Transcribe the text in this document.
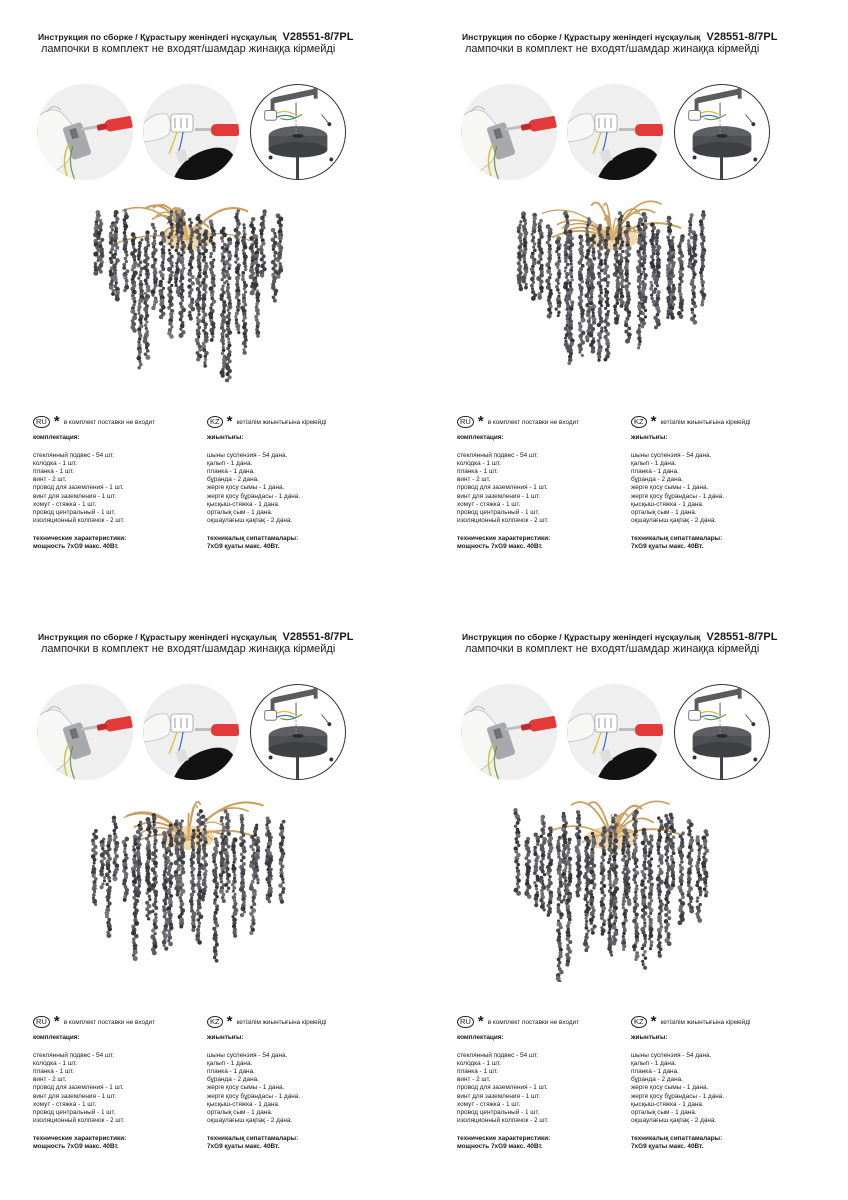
Инструкция по сборке / Құрастыру женіндегі нұсқаулық V28551-8/7PL
лампочки в комплект не входят/шамдар жинаққа кірмейді
RU * в комплект поставки не входит	KZ * кетізілім жиынтығына кірмейді
комплектация:
стеклянный подвес - 54 шт.
колодка - 1 шт.
планка - 1 шт.
винт - 2 шт.
провод для заземления - 1 шт.
винт для заземления - 1 шт.
хомут - стяжка - 1 шт.
провод центральный - 1 шт.
изоляционный колпачок - 2 шт.
технические характеристики:
мощность 7хG9 макс. 40Вт.
жиынтығы:
шыны суспензия - 54 дана.
қалып - 1 дана.
планка - 1 дана.
бұранда - 2 дана.
жерге қосу сымы - 1 дана.
жерге қосу бұрандасы - 1 дана.
қысқыш-стяжка - 1 дана.
орталық сым - 1 дана.
оқшаулағыш қақпақ - 2 дана.
техникалық сипаттамалары:
7хG9 қуаты макс. 40Вт.
Инструкция по сборке / Құрастыру женіндегі нұсқаулық V28551-8/7PL
лампочки в комплект не входят/шамдар жинаққа кірмейді
RU * в комплект поставки не входит	KZ * кетізілім жиынтығына кірмейді
комплектация:
стеклянный подвес - 54 шт.
колодка - 1 шт.
планка - 1 шт.
винт - 2 шт.
провод для заземления - 1 шт.
винт для заземления - 1 шт.
хомут - стяжка - 1 шт.
провод центральный - 1 шт.
изоляционный колпачок - 2 шт.
технические характеристики:
мощность 7хG9 макс. 40Вт.
жиынтығы:
шыны суспензия - 54 дана.
қалып - 1 дана.
планка - 1 дана.
бұранда - 2 дана.
жерге қосу сымы - 1 дана.
жерге қосу бұрандасы - 1 дана.
қысқыш-стяжка - 1 дана.
орталық сым - 1 дана.
оқшаулағыш қақпақ - 2 дана.
техникалық сипаттамалары:
7хG9 қуаты макс. 40Вт.
Инструкция по сборке / Құрастыру женіндегі нұсқаулық V28551-8/7PL
лампочки в комплект не входят/шамдар жинаққа кірмейді
RU * в комплект поставки не входит	KZ * кетізілім жиынтығына кірмейді
комплектация:
стеклянный подвес - 54 шт.
колодка - 1 шт.
планка - 1 шт.
винт - 2 шт.
провод для заземления - 1 шт.
винт для заземления - 1 шт.
хомут - стяжка - 1 шт.
провод центральный - 1 шт.
изоляционный колпачок - 2 шт.
технические характеристики:
мощность 7хG9 макс. 40Вт.
жиынтығы:
шыны суспензия - 54 дана.
қалып - 1 дана.
планка - 1 дана.
бұранда - 2 дана.
жерге қосу сымы - 1 дана.
жерге қосу бұрандасы - 1 дана.
қысқыш-стяжка - 1 дана.
орталық сым - 1 дана.
оқшаулағыш қақпақ - 2 дана.
техникалық сипаттамалары:
7хG9 қуаты макс. 40Вт.
Инструкция по сборке / Құрастыру женіндегі нұсқаулық V28551-8/7PL
лампочки в комплект не входят/шамдар жинаққа кірмейді
RU * в комплект поставки не входит	KZ * кетізілім жиынтығына кірмейді
комплектация:
стеклянный подвес - 54 шт.
колодка - 1 шт.
планка - 1 шт.
винт - 2 шт.
провод для заземления - 1 шт.
винт для заземления - 1 шт.
хомут - стяжка - 1 шт.
провод центральный - 1 шт.
изоляционный колпачок - 2 шт.
технические характеристики:
мощность 7хG9 макс. 40Вт.
жиынтығы:
шыны суспензия - 54 дана.
қалып - 1 дана.
планка - 1 дана.
бұранда - 2 дана.
жерге қосу сымы - 1 дана.
жерге қосу бұрандасы - 1 дана.
қысқыш-стяжка - 1 дана.
орталық сым - 1 дана.
оқшаулағыш қақпақ - 2 дана.
техникалық сипаттамалары:
7хG9 қуаты макс. 40Вт.
